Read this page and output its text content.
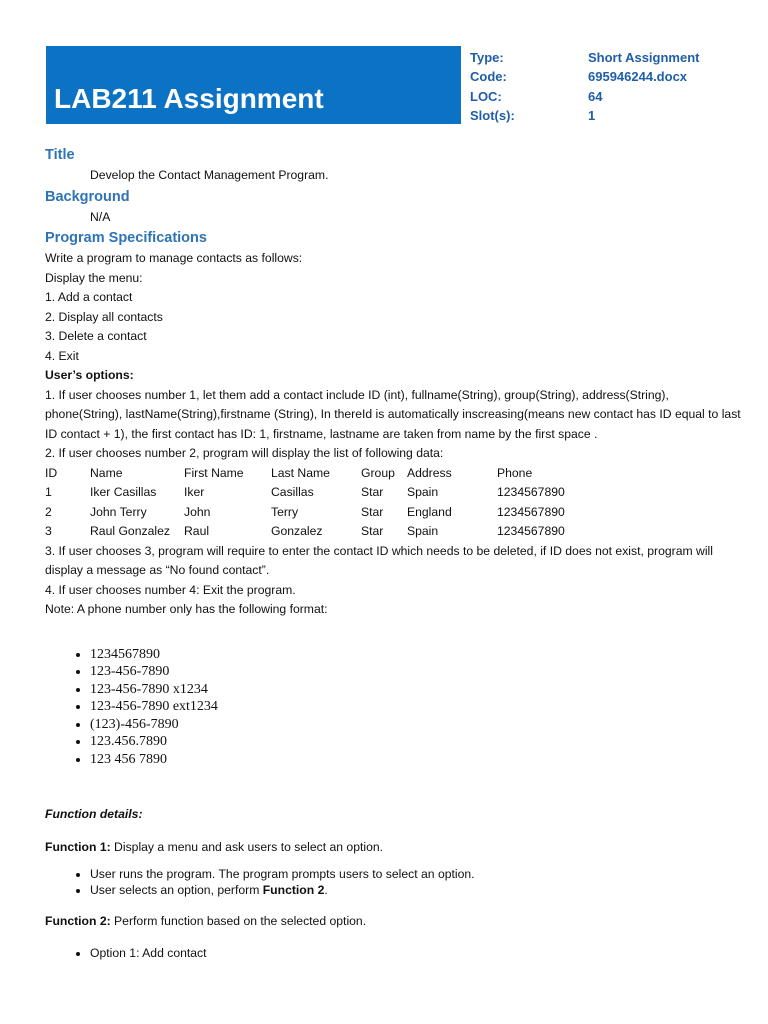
LAB211 Assignment
Type:	Short Assignment
Code:	695946244.docx
LOC:	64
Slot(s):	1

Title

Develop the Contact Management Program.

Background

N/A

Program Specifications

Write a program to manage contacts as follows:

Display the menu:

1. Add a contact

2. Display all contacts

3. Delete a contact

4. Exit

User’s options:

1. If user chooses number 1, let them add a contact include ID (int), fullname(String), group(String), address(String), phone(String), lastName(String),firstname (String), In thereId is automatically inscreasing(means new contact has ID equal to last ID contact + 1), the first contact has ID: 1, firstname, lastname are taken from name by the first space .

2. If user chooses number 2, program will display the list of following data:

ID	Name	First Name	Last Name	Group	Address	Phone
1	Iker Casillas	Iker	Casillas	Star	Spain	1234567890
2	John Terry	John	Terry	Star	England	1234567890
3	Raul Gonzalez	Raul	Gonzalez	Star	Spain	1234567890

3. If user chooses 3, program will require to enter the contact ID which needs to be deleted, if ID does not exist, program will display a message as “No found contact”.

4. If user chooses number 4: Exit the program.

Note: A phone number only has the following format:

• 1234567890
• 123-456-7890
• 123-456-7890 x1234
• 123-456-7890 ext1234
• (123)-456-7890
• 123.456.7890
• 123 456 7890

Function details:

Function 1: Display a menu and ask users to select an option.

• User runs the program. The program prompts users to select an option.
• User selects an option, perform Function 2.

Function 2: Perform function based on the selected option.

• Option 1: Add contact
